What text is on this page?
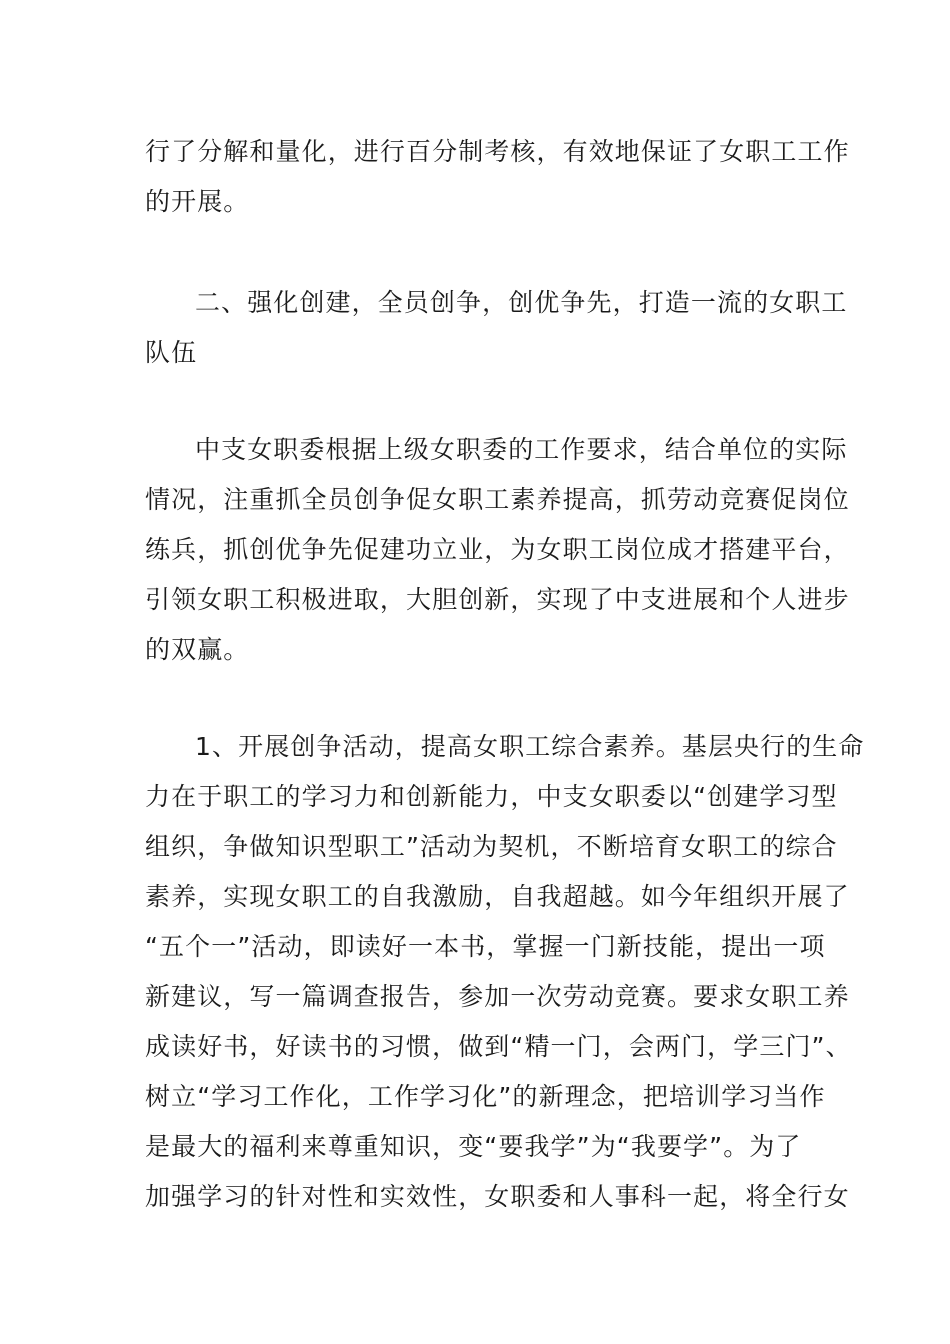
行了分解和量化，进行百分制考核，有效地保证了女职工工作
的开展。
二、强化创建，全员创争，创优争先，打造一流的女职工
队伍
中支女职委根据上级女职委的工作要求，结合单位的实际
情况，注重抓全员创争促女职工素养提高，抓劳动竞赛促岗位
练兵，抓创优争先促建功立业，为女职工岗位成才搭建平台，
引领女职工积极进取，大胆创新，实现了中支进展和个人进步
的双赢。
1、开展创争活动，提高女职工综合素养。基层央行的生命
力在于职工的学习力和创新能力，中支女职委以“创建学习型
组织，争做知识型职工”活动为契机，不断培育女职工的综合
素养，实现女职工的自我激励，自我超越。如今年组织开展了
“五个一”活动，即读好一本书，掌握一门新技能，提出一项
新建议，写一篇调查报告，参加一次劳动竞赛。要求女职工养
成读好书，好读书的习惯，做到“精一门，会两门，学三门”、
树立“学习工作化，工作学习化”的新理念，把培训学习当作
是最大的福利来尊重知识，变“要我学”为“我要学”。为了
加强学习的针对性和实效性，女职委和人事科一起，将全行女
